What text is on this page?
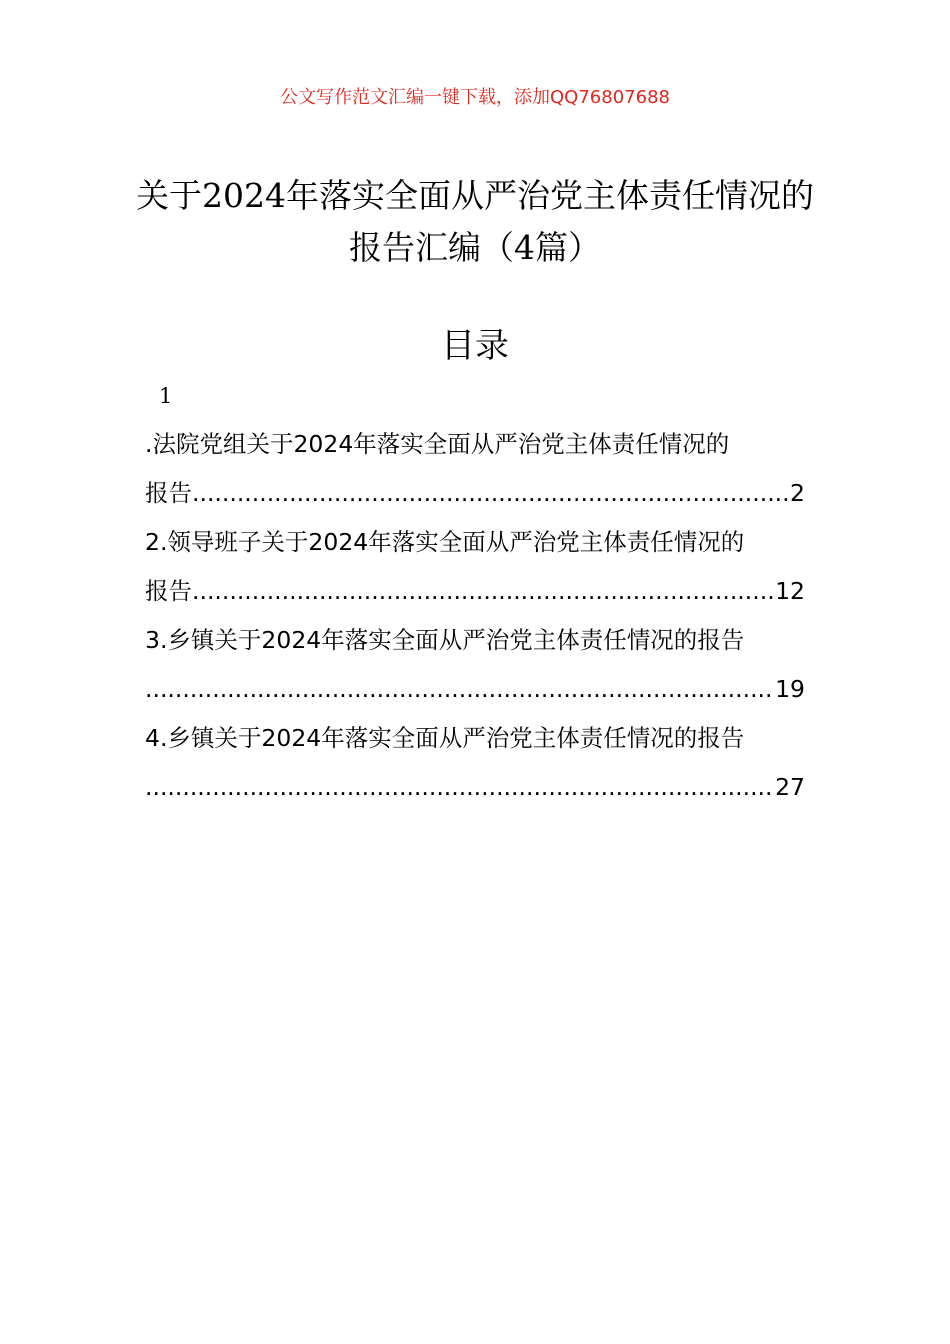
公文写作范文汇编一键下载，添加QQ76807688
关于2024年落实全面从严治党主体责任情况的报告汇编（4篇）
目录
1
.法院党组关于2024年落实全面从严治党主体责任情况的
报告 .....	2
2.领导班子关于2024年落实全面从严治党主体责任情况的
报告 .....	12
3.乡镇关于2024年落实全面从严治党主体责任情况的报告
.....
19
4.乡镇关于2024年落实全面从严治党主体责任情况的报告
.....
27
